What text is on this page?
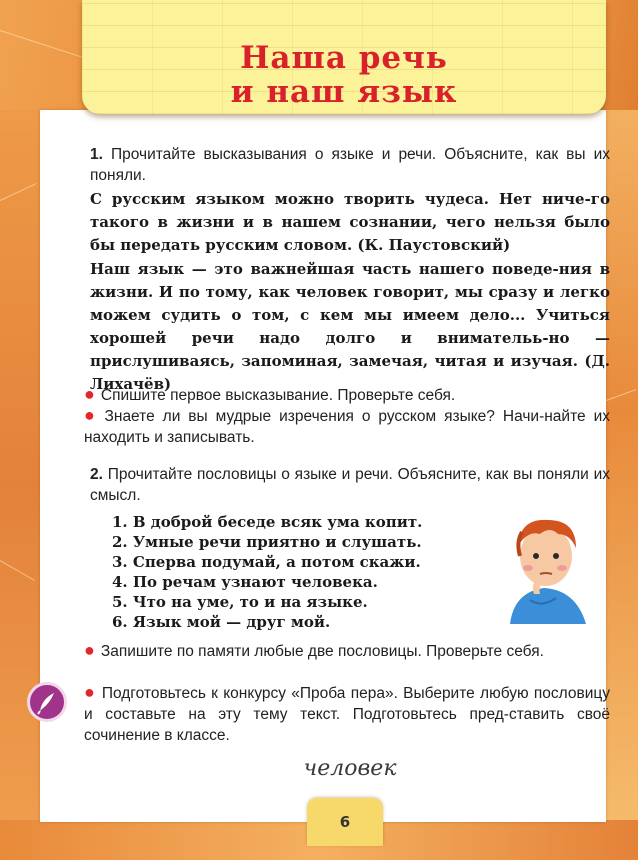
Наша речь
и наш язык
1. Прочитайте высказывания о языке и речи. Объясните, как вы их поняли.
С русским языком можно творить чудеса. Нет ниче-го такого в жизни и в нашем сознании, чего нельзя было бы передать русским словом. (К. Паустовский)
Наш язык — это важнейшая часть нашего поведе-ния в жизни. И по тому, как человек говорит, мы сразу и легко можем судить о том, с кем мы имеем дело... Учиться хорошей речи надо долго и внимательь-но — прислушиваясь, запоминая, замечая, читая и изучая. (Д. Лихачёв)
● Спишите первое высказывание. Проверьте себя.
● Знаете ли вы мудрые изречения о русском языке? Начи-найте их находить и записывать.
2. Прочитайте пословицы о языке и речи. Объясните, как вы поняли их смысл.
1. В доброй беседе всяк ума копит.
2. Умные речи приятно и слушать.
3. Сперва подумай, а потом скажи.
4. По речам узнают человека.
5. Что на уме, то и на языке.
6. Язык мой — друг мой.
● Запишите по памяти любые две пословицы. Проверьте себя.
● Подготовьтесь к конкурсу «Проба пера». Выберите любую пословицу и составьте на эту тему текст. Подготовьтесь пред-ставить своё сочинение в классе.
человек
6
